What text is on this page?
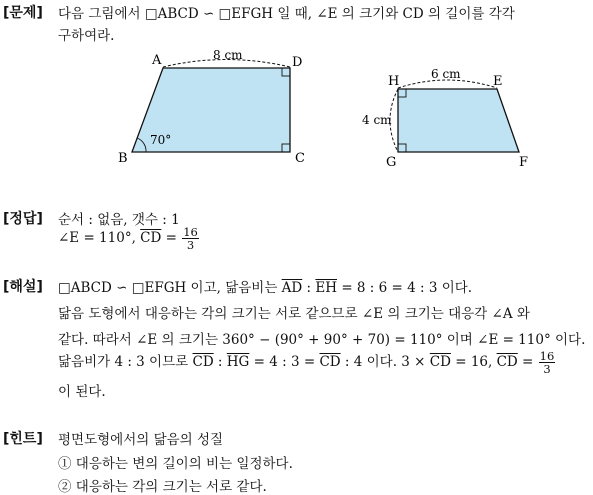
[문제] 다음 그림에서 □ABCD ∽ □EFGH 일 때, ∠E 의 크기와 CD 의 길이를 각각
구하여라.
A	D
B	C
8 cm
70°
H	E
G	F
6 cm
4 cm
[정답] 순서 : 없음, 갯수 : 1
∠E = 110°, $\overline{CD} = \frac{16}{3}$
[해설] □ABCD ∽ □EFGH 이고, 닮음비는 $\overline{AD}$ : $\overline{EH} = 8$ : 6 = 4 : 3 이다.
닮음 도형에서 대응하는 각의 크기는 서로 같으므로 ∠E 의 크기는 대응각 ∠A 와
같다. 따라서 ∠E 의 크기는 360° − (90° + 90° + 70) = 110° 이며 ∠E = 110° 이다.
닮음비가 4 : 3 이므로 $\overline{CD}$ : $\overline{HG} = 4$ : $3 = \overline{CD}$ : 4 이다. $3 \times \overline{CD} = 16$, $\overline{CD} = \frac{16}{3}$
이 된다.
[힌트] 평면도형에서의 닮음의 성질
① 대응하는 변의 길이의 비는 일정하다.
② 대응하는 각의 크기는 서로 같다.
